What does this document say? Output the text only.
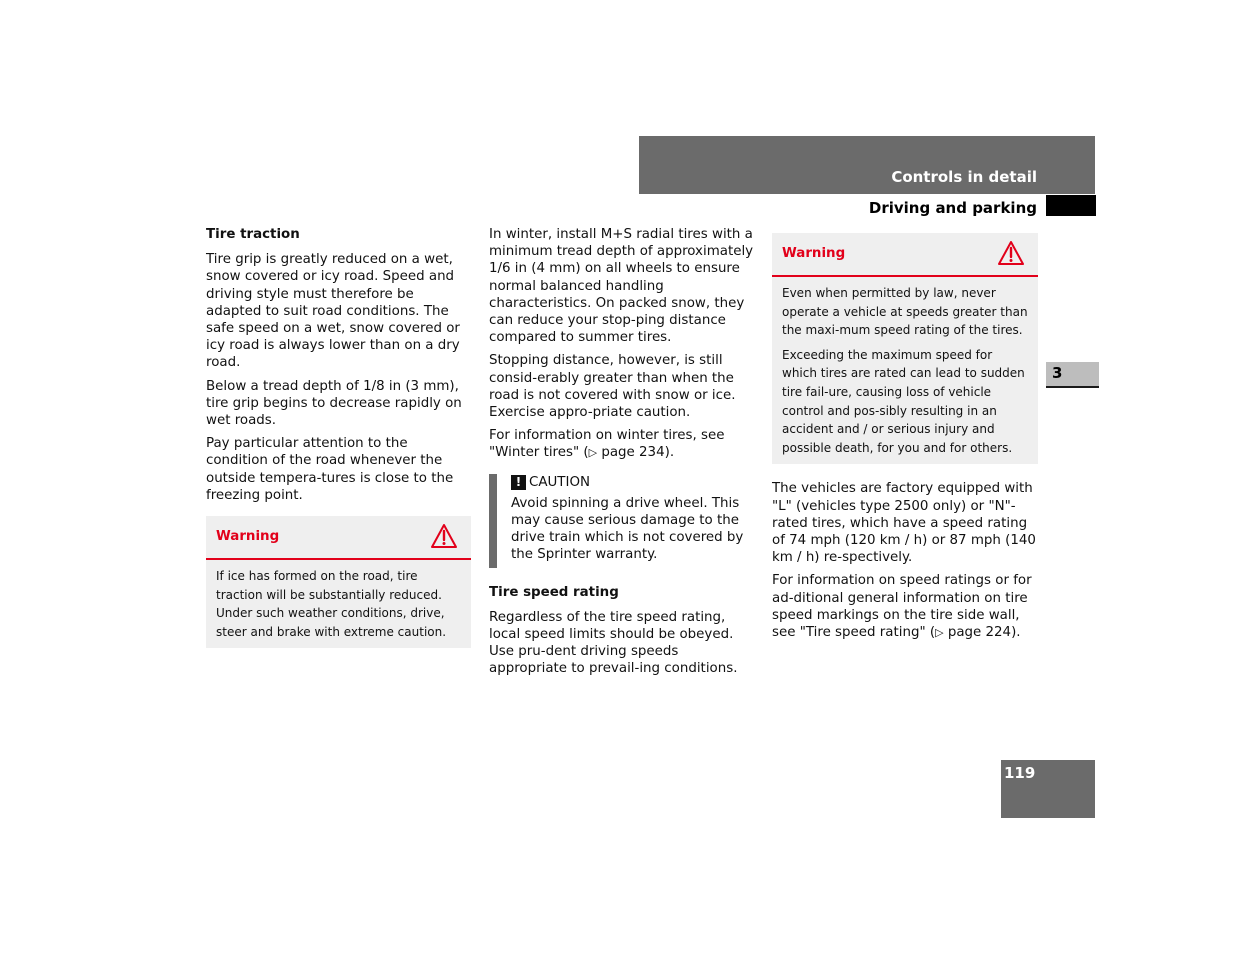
Controls in detail
Driving and parking
3
119
Tire traction

Tire grip is greatly reduced on a wet, snow covered or icy road. Speed and driving style must therefore be adapted to suit road conditions. The safe speed on a wet, snow covered or icy road is always lower than on a dry road.

Below a tread depth of 1/8 in (3 mm), tire grip begins to decrease rapidly on wet roads.

Pay particular attention to the condition of the road whenever the outside tempera-tures is close to the freezing point.

Warning

If ice has formed on the road, tire traction will be substantially reduced. Under such weather conditions, drive, steer and brake with extreme caution.

In winter, install M+S radial tires with a minimum tread depth of approximately 1/6 in (4 mm) on all wheels to ensure normal balanced handling characteristics. On packed snow, they can reduce your stop-ping distance compared to summer tires.

Stopping distance, however, is still consid-erably greater than when the road is not covered with snow or ice. Exercise appro-priate caution.

For information on winter tires, see "Winter tires" (▷ page 234).

! CAUTION

Avoid spinning a drive wheel. This may cause serious damage to the drive train which is not covered by the Sprinter warranty.

Tire speed rating

Regardless of the tire speed rating, local speed limits should be obeyed. Use pru-dent driving speeds appropriate to prevail-ing conditions.

Warning

Even when permitted by law, never operate a vehicle at speeds greater than the maxi-mum speed rating of the tires.

Exceeding the maximum speed for which tires are rated can lead to sudden tire fail-ure, causing loss of vehicle control and pos-sibly resulting in an accident and / or serious injury and possible death, for you and for others.

The vehicles are factory equipped with "L" (vehicles type 2500 only) or "N"-rated tires, which have a speed rating of 74 mph (120 km / h) or 87 mph (140 km / h) re-spectively.

For information on speed ratings or for ad-ditional general information on tire speed markings on the tire side wall, see "Tire speed rating" (▷ page 224).
